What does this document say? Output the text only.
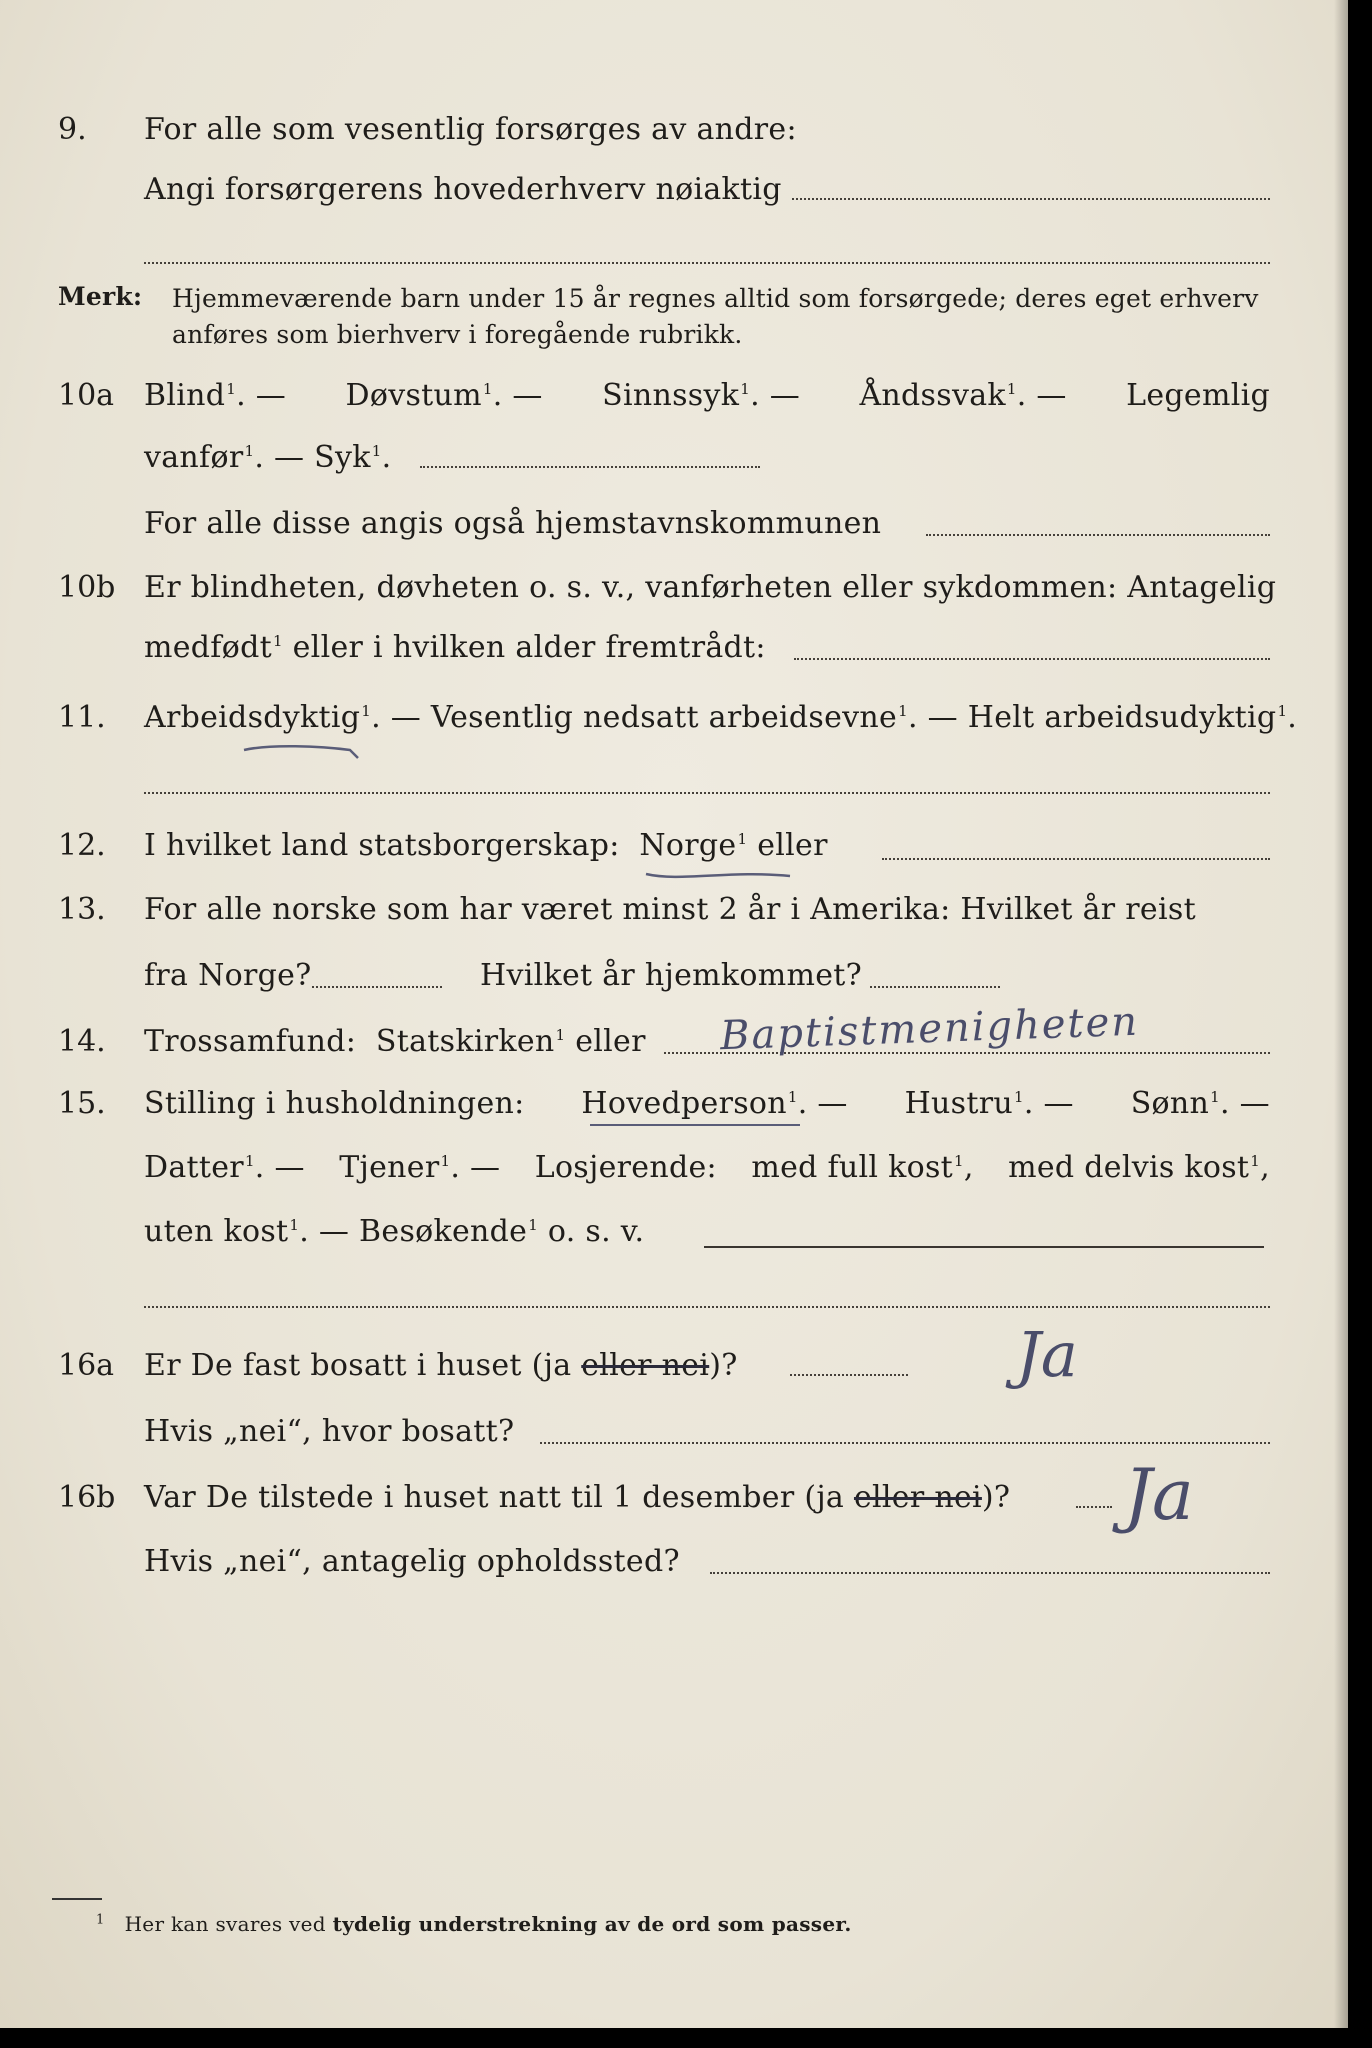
9. For alle som vesentlig forsørges av andre:
Angi forsørgerens hovederhverv nøiaktig
Merk: Hjemmeværende barn under 15 år regnes alltid som forsørgede; deres eget erhverv
anføres som bierhverv i foregående rubrikk.
10a Blind$^1$. — Døvstum$^1$. — Sinnssyk$^1$. — Åndssvak$^1$. — Legemlig
vanfør$^1$. — Syk$^1$.
For alle disse angis også hjemstavnskommunen
10b Er blindheten, døvheten o. s. v., vanførheten eller sykdommen: Antagelig
medfødt$^1$ eller i hvilken alder fremtrådt:
11. Arbeidsdyktig$^1$. — Vesentlig nedsatt arbeidsevne$^1$. — Helt arbeidsudyktig$^1$.
12. I hvilket land statsborgerskap: Norge$^1$ eller
13. For alle norske som har været minst 2 år i Amerika: Hvilket år reist
fra Norge?	Hvilket år hjemkommet?
14. Trossamfund: Statskirken$^1$ eller Baptistmenigheten
15. Stilling i husholdningen: Hovedperson$^1$. — Hustru$^1$. — Sønn$^1$. —
Datter$^1$. — Tjener$^1$. — Losjerende: med full kost$^1$, med delvis kost$^1$,
uten kost$^1$. — Besøkende$^1$ o. s. v.
16a Er De fast bosatt i huset (ja eller nei)?	Ja
Hvis „nei“, hvor bosatt?
16b Var De tilstede i huset natt til 1 desember (ja eller nei)? Ja
Hvis „nei“, antagelig opholdssted?
$^1$ Her kan svares ved tydelig understrekning av de ord som passer.
